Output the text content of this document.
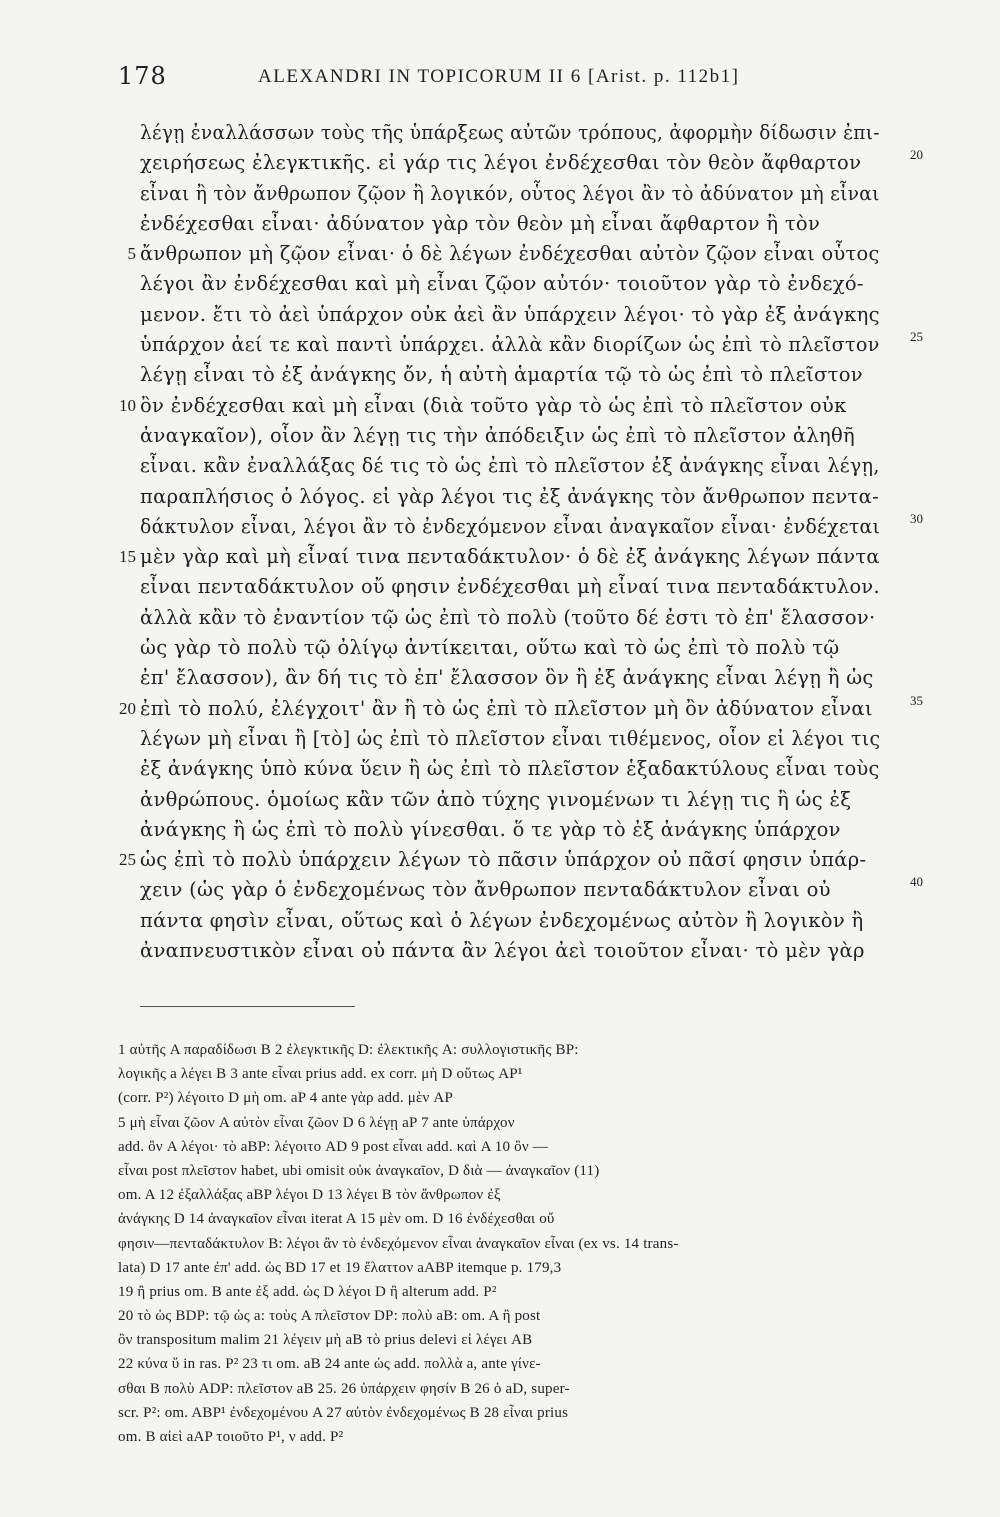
178	ALEXANDRI IN TOPICORUM II 6 [Arist. p. 112b1]
λέγῃ ἐναλλάσσων τοὺς τῆς ὑπάρξεως αὐτῶν τρόπους, ἀφορμὴν δίδωσιν ἐπι-
χειρήσεως ἐλεγκτικῆς. εἰ γάρ τις λέγοι ἐνδέχεσθαι τὸν θεὸν ἄφθαρτον	20
εἶναι ἢ τὸν ἄνθρωπον ζῷον ἢ λογικόν, οὗτος λέγοι ἂν τὸ ἀδύνατον μὴ εἶναι
ἐνδέχεσθαι εἶναι· ἀδύνατον γὰρ τὸν θεὸν μὴ εἶναι ἄφθαρτον ἢ τὸν
5 ἄνθρωπον μὴ ζῷον εἶναι· ὁ δὲ λέγων ἐνδέχεσθαι αὐτὸν ζῷον εἶναι οὗτος
λέγοι ἂν ἐνδέχεσθαι καὶ μὴ εἶναι ζῷον αὐτόν· τοιοῦτον γὰρ τὸ ἐνδεχό-
μενον. ἔτι τὸ ἀεὶ ὑπάρχον οὐκ ἀεὶ ἂν ὑπάρχειν λέγοι· τὸ γὰρ ἐξ ἀνάγκης
ὑπάρχον ἀεί τε καὶ παντὶ ὑπάρχει. ἀλλὰ κἂν διορίζων ὡς ἐπὶ τὸ πλεῖστον 25
λέγῃ εἶναι τὸ ἐξ ἀνάγκης ὄν, ἡ αὐτὴ ἁμαρτία τῷ τὸ ὡς ἐπὶ τὸ πλεῖστον
10 ὂν ἐνδέχεσθαι καὶ μὴ εἶναι (διὰ τοῦτο γὰρ τὸ ὡς ἐπὶ τὸ πλεῖστον οὐκ
ἀναγκαῖον), οἷον ἂν λέγῃ τις τὴν ἀπόδειξιν ὡς ἐπὶ τὸ πλεῖστον ἀληθῆ
εἶναι. κἂν ἐναλλάξας δέ τις τὸ ὡς ἐπὶ τὸ πλεῖστον ἐξ ἀνάγκης εἶναι λέγῃ,
παραπλήσιος ὁ λόγος. εἰ γὰρ λέγοι τις ἐξ ἀνάγκης τὸν ἄνθρωπον πεντα-
δάκτυλον εἶναι, λέγοι ἂν τὸ ἐνδεχόμενον εἶναι ἀναγκαῖον εἶναι· ἐνδέχεται 30
15 μὲν γὰρ καὶ μὴ εἶναί τινα πενταδάκτυλον· ὁ δὲ ἐξ ἀνάγκης λέγων πάντα
εἶναι πενταδάκτυλον οὔ φησιν ἐνδέχεσθαι μὴ εἶναί τινα πενταδάκτυλον.
ἀλλὰ κἂν τὸ ἐναντίον τῷ ὡς ἐπὶ τὸ πολὺ (τοῦτο δέ ἐστι τὸ ἐπ' ἔλασσον·
ὡς γὰρ τὸ πολὺ τῷ ὀλίγῳ ἀντίκειται, οὕτω καὶ τὸ ὡς ἐπὶ τὸ πολὺ τῷ
ἐπ' ἔλασσον), ἂν δή τις τὸ ἐπ' ἔλασσον ὂν ἢ ἐξ ἀνάγκης εἶναι λέγῃ ἢ ὡς
20 ἐπὶ τὸ πολύ, ἐλέγχοιτ' ἂν ἢ τὸ ὡς ἐπὶ τὸ πλεῖστον μὴ ὂν ἀδύνατον εἶναι	35
λέγων μὴ εἶναι ἢ [τὸ] ὡς ἐπὶ τὸ πλεῖστον εἶναι τιθέμενος, οἷον εἰ λέγοι τις
ἐξ ἀνάγκης ὑπὸ κύνα ὕειν ἢ ὡς ἐπὶ τὸ πλεῖστον ἑξαδακτύλους εἶναι τοὺς
ἀνθρώπους. ὁμοίως κἂν τῶν ἀπὸ τύχης γινομένων τι λέγῃ τις ἢ ὡς ἐξ
ἀνάγκης ἢ ὡς ἐπὶ τὸ πολὺ γίνεσθαι. ὅ τε γὰρ τὸ ἐξ ἀνάγκης ὑπάρχον
25 ὡς ἐπὶ τὸ πολὺ ὑπάρχειν λέγων τὸ πᾶσιν ὑπάρχον οὐ πᾶσί φησιν ὑπάρ-
χειν (ὡς γὰρ ὁ ἐνδεχομένως τὸν ἄνθρωπον πενταδάκτυλον εἶναι οὐ	40
πάντα φησὶν εἶναι, οὕτως καὶ ὁ λέγων ἐνδεχομένως αὐτὸν ἢ λογικὸν ἢ
ἀναπνευστικὸν εἶναι οὐ πάντα ἂν λέγοι ἀεὶ τοιοῦτον εἶναι· τὸ μὲν γὰρ
1 αὐτῆς A παραδίδωσι B 2 ἐλεγκτικῆς D: ἐλεκτικῆς A: συλλογιστικῆς BP:
λογικῆς a λέγει B 3 ante εἶναι prius add. ex corr. μὴ D οὕτως AP¹
(corr. P²) λέγοιτο D μὴ om. aP 4 ante γὰρ add. μὲν AP
5 μὴ εἶναι ζῶον A αὐτὸν εἶναι ζῶον D 6 λέγῃ aP 7 ante ὑπάρχον
add. ὂν A λέγοι· τὸ aBP: λέγοιτο AD 9 post εἶναι add. καὶ A 10 ὂν —
εἶναι post πλεῖστον habet, ubi omisit οὐκ ἀναγκαῖον, D διὰ — ἀναγκαῖον (11)
om. A 12 ἐξαλλάξας aBP λέγοι D 13 λέγει B τὸν ἄνθρωπον ἐξ
ἀνάγκης D 14 ἀναγκαῖον εἶναι iterat A 15 μὲν om. D 16 ἐνδέχεσθαι οὔ
φησιν—πενταδάκτυλον B: λέγοι ἂν τὸ ἐνδεχόμενον εἶναι ἀναγκαῖον εἶναι (ex vs. 14 trans-
lata) D 17 ante ἐπ' add. ὡς BD 17 et 19 ἔλαττον aABP itemque p. 179,3
19 ἢ prius om. B ante ἐξ add. ὡς D λέγοι D ἢ alterum add. P²
20 τὸ ὡς BDP: τῷ ὡς a: τοὺς A πλεῖστον DP: πολὺ aB: om. A ἢ post
ὂν transpositum malim 21 λέγειν μὴ aB τὸ prius delevi εἰ λέγει AB
22 κύνα ὕ in ras. P² 23 τι om. aB 24 ante ὡς add. πολλὰ a, ante γίνε-
σθαι B πολὺ ADP: πλεῖστον aB 25. 26 ὑπάρχειν φησίν B 26 ὁ aD, super-
scr. P²: om. ABP¹ ἐνδεχομένου A 27 αὐτὸν ἐνδεχομένως B 28 εἶναι prius
om. B αἰεὶ aAP τοιοῦτο P¹, ν add. P²
